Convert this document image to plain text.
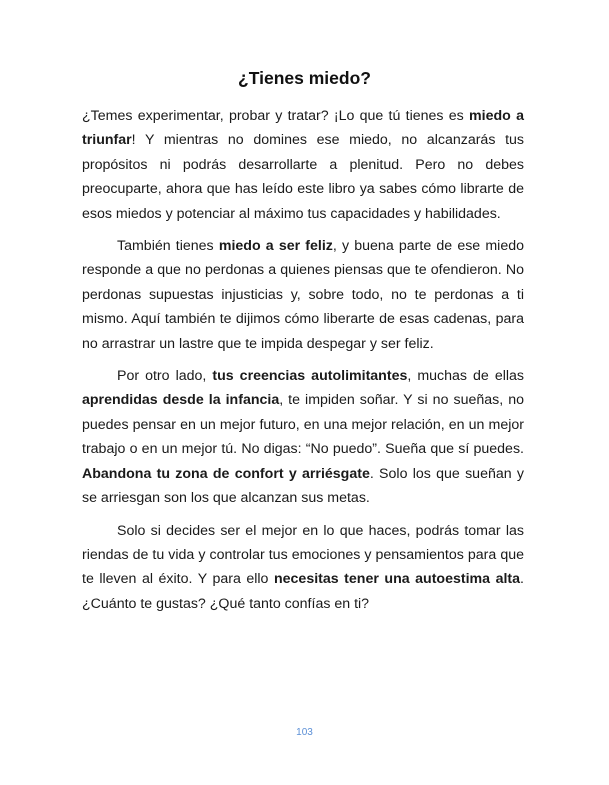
¿Tienes miedo?

¿Temes experimentar, probar y tratar? ¡Lo que tú tienes es miedo a triunfar! Y mientras no domines ese miedo, no alcanzarás tus propósitos ni podrás desarrollarte a plenitud. Pero no debes preocuparte, ahora que has leído este libro ya sabes cómo librarte de esos miedos y potenciar al máximo tus capacidades y habilidades.

También tienes miedo a ser feliz, y buena parte de ese miedo responde a que no perdonas a quienes piensas que te ofendieron. No perdonas supuestas injusticias y, sobre todo, no te perdonas a ti mismo. Aquí también te dijimos cómo liberarte de esas cadenas, para no arrastrar un lastre que te impida despegar y ser feliz.

Por otro lado, tus creencias autolimitantes, muchas de ellas aprendidas desde la infancia, te impiden soñar. Y si no sueñas, no puedes pensar en un mejor futuro, en una mejor relación, en un mejor trabajo o en un mejor tú. No digas: “No puedo”. Sueña que sí puedes. Abandona tu zona de confort y arriésgate. Solo los que sueñan y se arriesgan son los que alcanzan sus metas.

Solo si decides ser el mejor en lo que haces, podrás tomar las riendas de tu vida y controlar tus emociones y pensamientos para que te lleven al éxito. Y para ello necesitas tener una autoestima alta. ¿Cuánto te gustas? ¿Qué tanto confías en ti?

103
